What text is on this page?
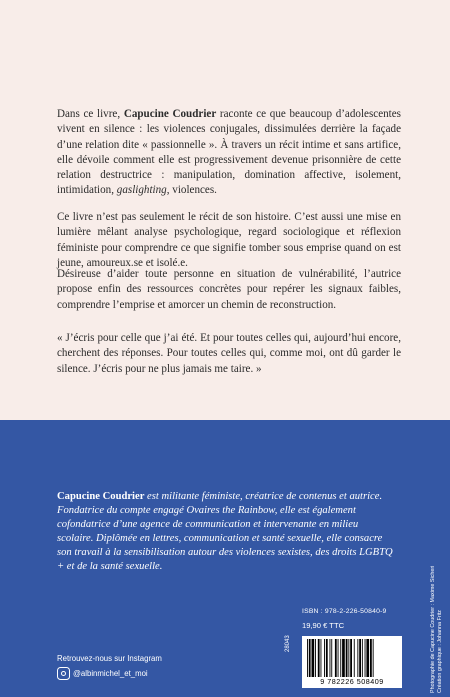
Dans ce livre, Capucine Coudrier raconte ce que beaucoup d’adolescentes vivent en silence : les violences conjugales, dissimulées derrière la façade d’une relation dite « passionnelle ». À travers un récit intime et sans artifice, elle dévoile comment elle est progressivement devenue prisonnière de cette relation destructrice : manipulation, domination affective, isolement, intimidation, gaslighting, violences.
Ce livre n’est pas seulement le récit de son histoire. C’est aussi une mise en lumière mêlant analyse psychologique, regard sociologique et réflexion féministe pour comprendre ce que signifie tomber sous emprise quand on est jeune, amoureux.se et isolé.e.
Désireuse d’aider toute personne en situation de vulnérabilité, l’autrice propose enfin des ressources concrètes pour repérer les signaux faibles, comprendre l’emprise et amorcer un chemin de reconstruction.
« J’écris pour celle que j’ai été. Et pour toutes celles qui, aujourd’hui encore, cherchent des réponses. Pour toutes celles qui, comme moi, ont dû garder le silence. J’écris pour ne plus jamais me taire. »
Capucine Coudrier est militante féministe, créatrice de contenus et autrice. Fondatrice du compte engagé Ovaires the Rainbow, elle est également cofondatrice d’une agence de communication et intervenante en milieu scolaire. Diplômée en lettres, communication et santé sexuelle, elle consacre son travail à la sensibilisation autour des violences sexistes, des droits LGBTQ + et de la santé sexuelle.
ISBN : 978-2-226-50840-9
19,90 € TTC
9 782226 508409
28043	Photographie de Capucine Coudrier : Maxime Sicheri Création graphique : Johanna Fritz
Retrouvez-nous sur Instagram
@albinmichel_et_moi
